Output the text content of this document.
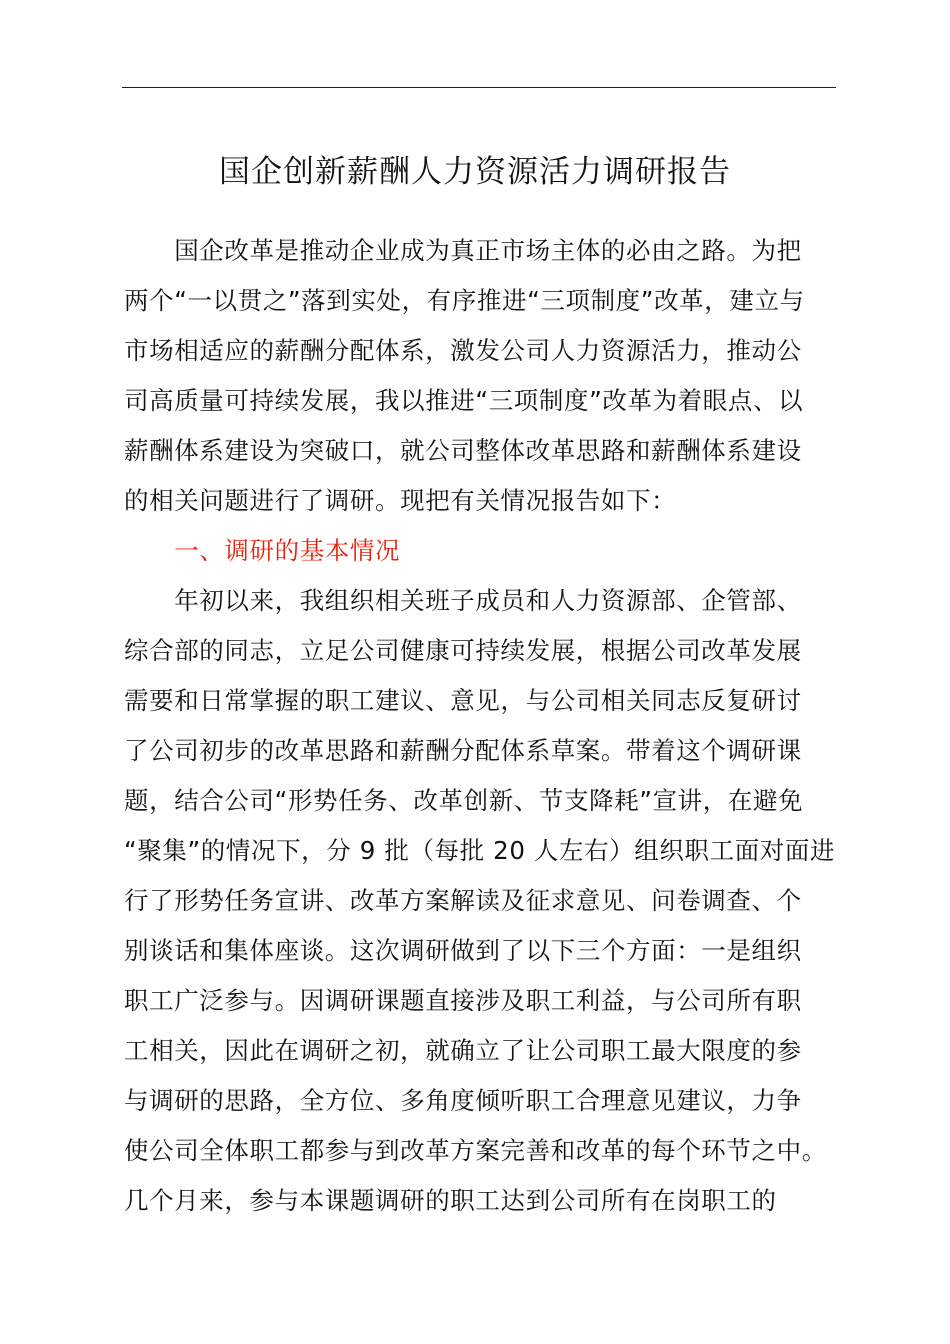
国企创新薪酬人力资源活力调研报告
　　国企改革是推动企业成为真正市场主体的必由之路。为把
两个“一以贯之”落到实处，有序推进“三项制度”改革，建立与
市场相适应的薪酬分配体系，激发公司人力资源活力，推动公
司高质量可持续发展，我以推进“三项制度”改革为着眼点、以
薪酬体系建设为突破口，就公司整体改革思路和薪酬体系建设
的相关问题进行了调研。现把有关情况报告如下：
　　一、调研的基本情况
　　年初以来，我组织相关班子成员和人力资源部、企管部、
综合部的同志，立足公司健康可持续发展，根据公司改革发展
需要和日常掌握的职工建议、意见，与公司相关同志反复研讨
了公司初步的改革思路和薪酬分配体系草案。带着这个调研课
题，结合公司“形势任务、改革创新、节支降耗”宣讲，在避免
“聚集”的情况下，分 9 批（每批 20 人左右）组织职工面对面进
行了形势任务宣讲、改革方案解读及征求意见、问卷调查、个
别谈话和集体座谈。这次调研做到了以下三个方面：一是组织
职工广泛参与。因调研课题直接涉及职工利益，与公司所有职
工相关，因此在调研之初，就确立了让公司职工最大限度的参
与调研的思路，全方位、多角度倾听职工合理意见建议，力争
使公司全体职工都参与到改革方案完善和改革的每个环节之中。
几个月来，参与本课题调研的职工达到公司所有在岗职工的
